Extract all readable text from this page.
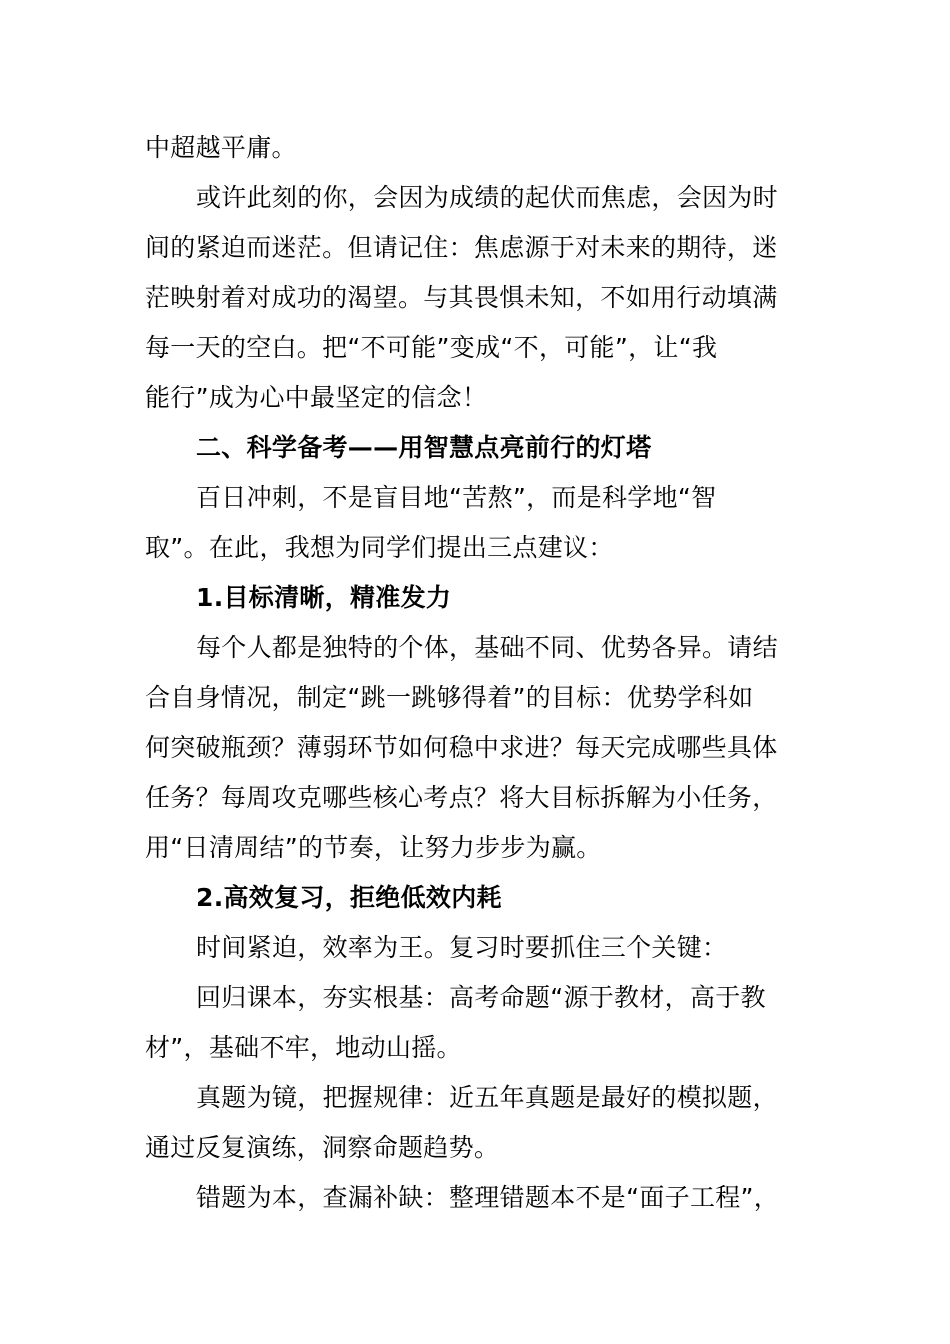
中超越平庸。
或许此刻的你，会因为成绩的起伏而焦虑，会因为时
间的紧迫而迷茫。但请记住：焦虑源于对未来的期待，迷
茫映射着对成功的渴望。与其畏惧未知，不如用行动填满
每一天的空白。把“不可能”变成“不，可能”，让“我
能行”成为心中最坚定的信念！
二、科学备考——用智慧点亮前行的灯塔
百日冲刺，不是盲目地“苦熬”，而是科学地“智
取”。在此，我想为同学们提出三点建议：
1.目标清晰，精准发力
每个人都是独特的个体，基础不同、优势各异。请结
合自身情况，制定“跳一跳够得着”的目标：优势学科如
何突破瓶颈？薄弱环节如何稳中求进？每天完成哪些具体
任务？每周攻克哪些核心考点？将大目标拆解为小任务，
用“日清周结”的节奏，让努力步步为赢。
2.高效复习，拒绝低效内耗
时间紧迫，效率为王。复习时要抓住三个关键：
回归课本，夯实根基：高考命题“源于教材，高于教
材”，基础不牢，地动山摇。
真题为镜，把握规律：近五年真题是最好的模拟题，
通过反复演练，洞察命题趋势。
错题为本，查漏补缺：整理错题本不是“面子工程”，
